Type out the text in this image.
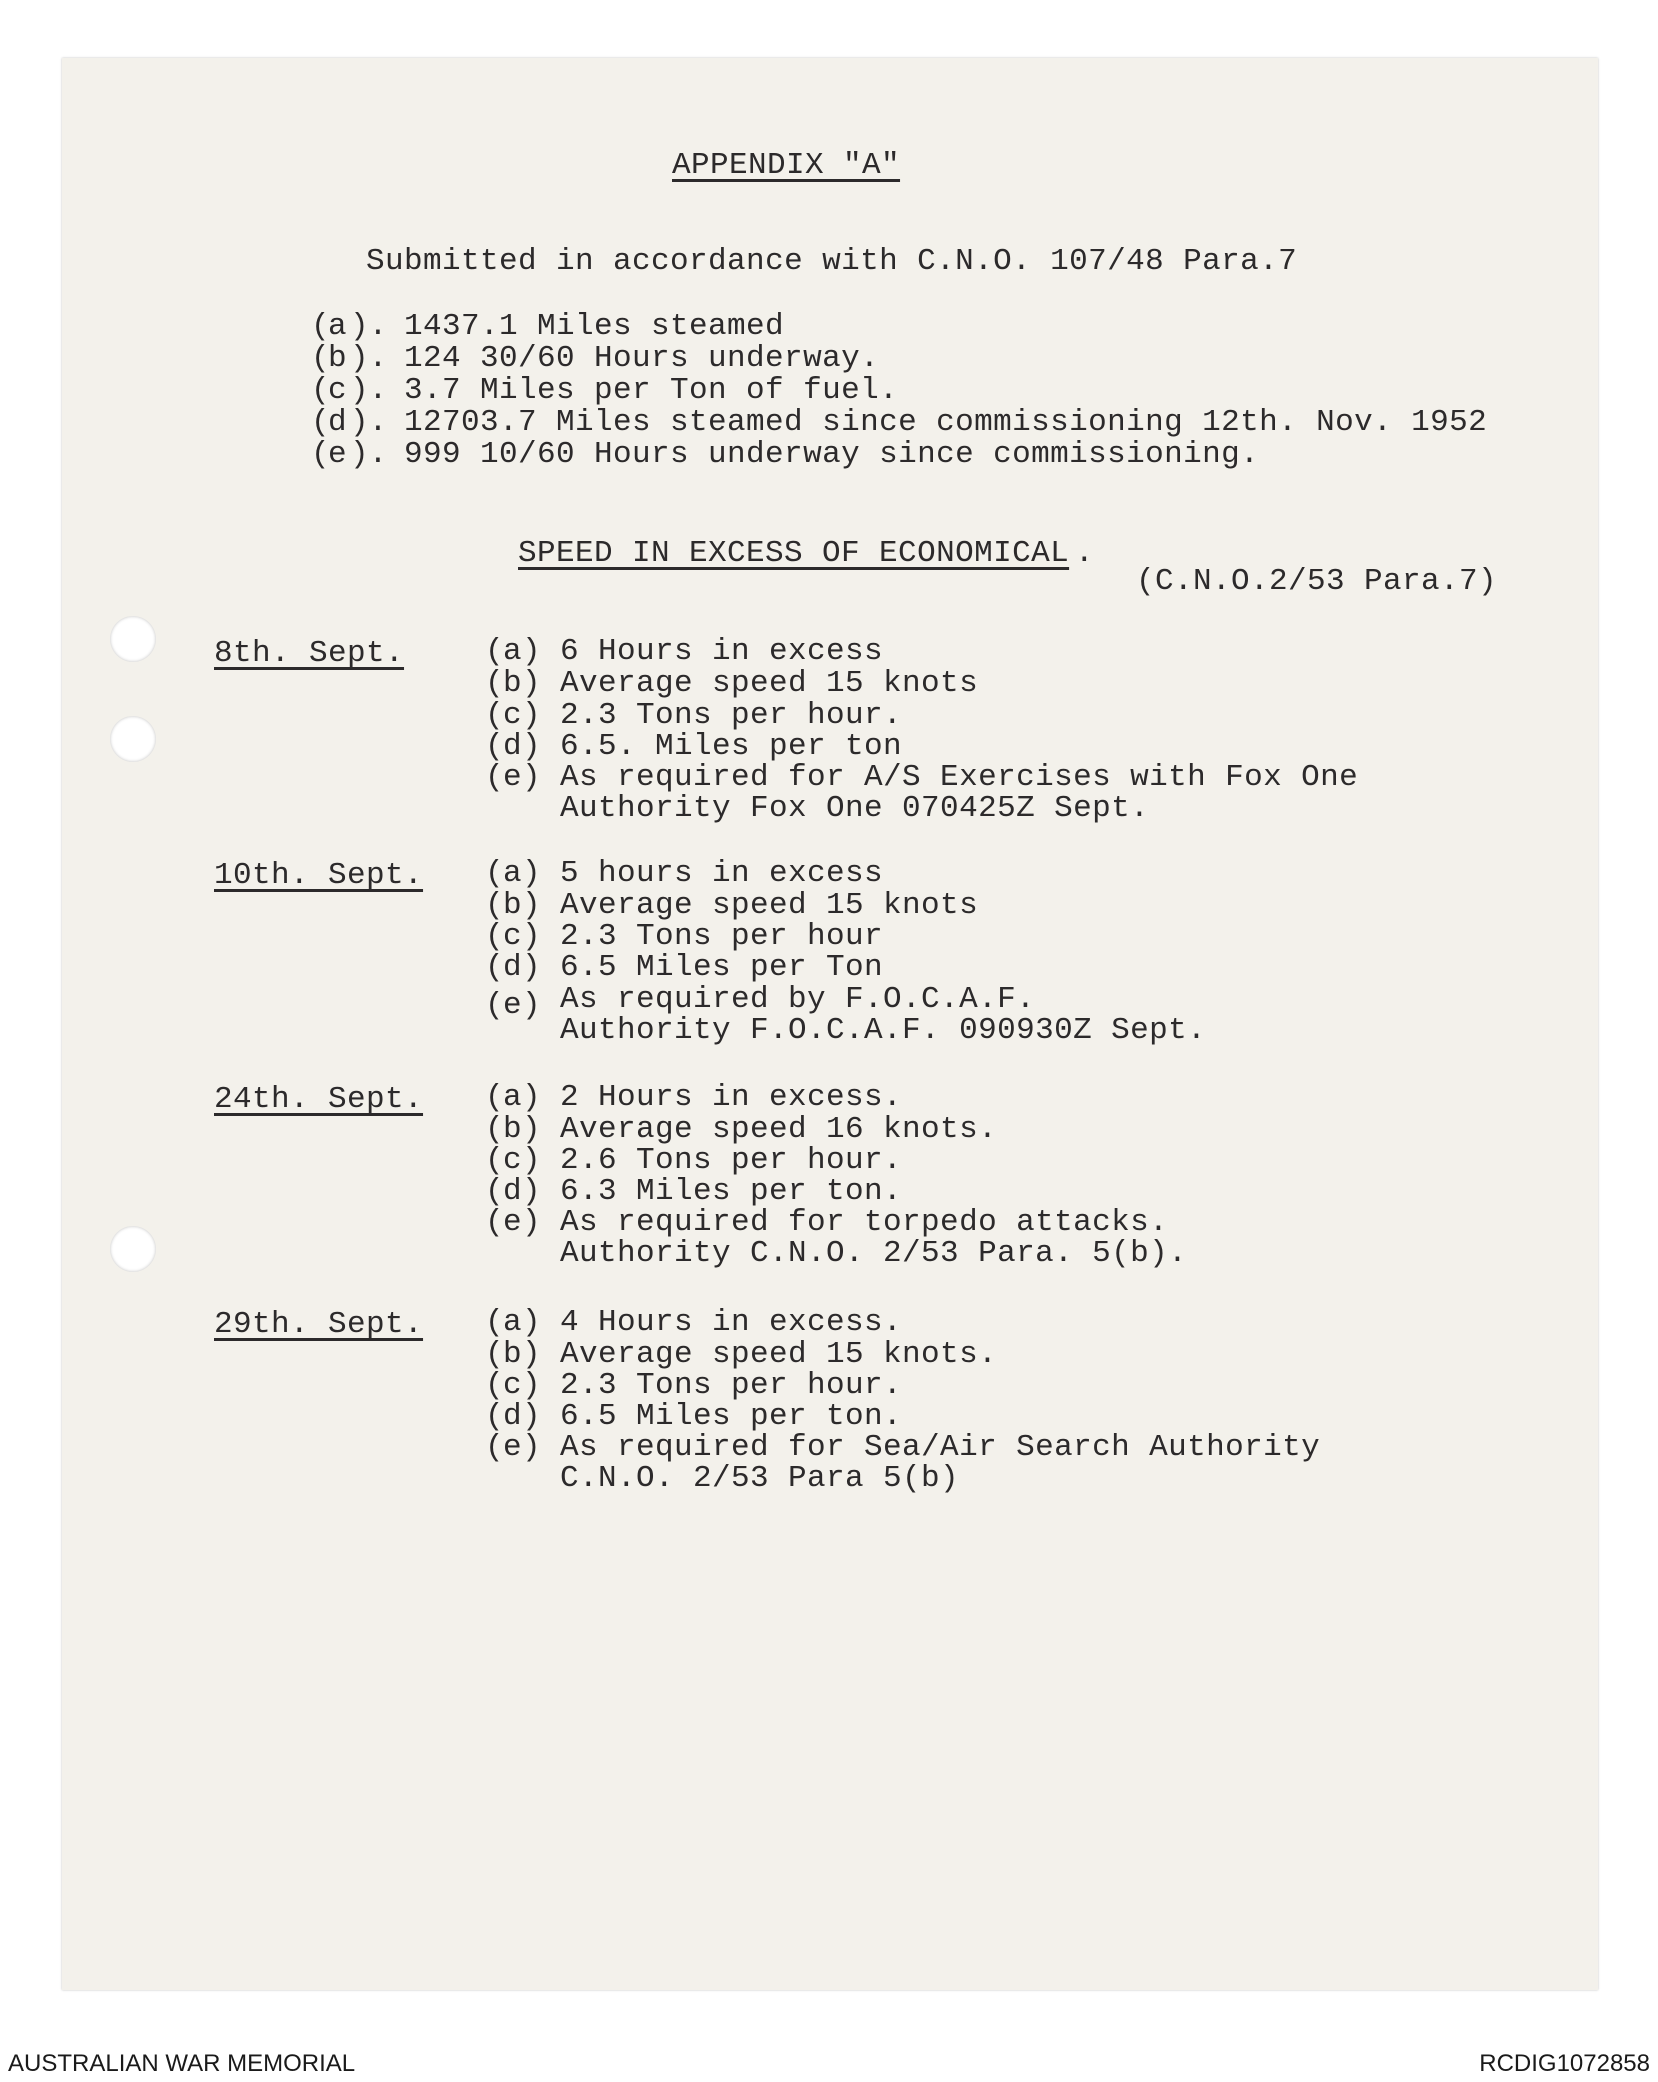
APPENDIX "A"
Submitted in accordance with C.N.O. 107/48 Para.7
a 1437.1 Miles steamed
b 124 30/60 Hours underway.
c 3.7 Miles per Ton of fuel.
d 12703.7 Miles steamed since commissioning 12th. Nov. 1952
e 999 10/60 Hours underway since commissioning.
( ).
( ).
( ).
( ).
( ).
SPEED IN EXCESS OF ECONOMICAL .
(C.N.O.2/53 Para.7)
8th. Sept.	( a ) 6 Hours in excess
( b ) Average speed 15 knots
( c ) 2.3 Tons per hour.
( d ) 6.5. Miles per ton
( e ) As required for A/S Exercises with Fox One
Authority Fox One 070425Z Sept.
10th. Sept. ( a ) 5 hours in excess
( b ) Average speed 15 knots
( c ) 2.3 Tons per hour
( d ) 6.5 Miles per Ton
( e ) As required by F.O.C.A.F.
Authority F.O.C.A.F. 090930Z Sept.
24th. Sept. ( a ) 2 Hours in excess.
( b ) Average speed 16 knots.
( c ) 2.6 Tons per hour.
( d ) 6.3 Miles per ton.
( e ) As required for torpedo attacks.
Authority C.N.O. 2/53 Para. 5(b).
29th. Sept. ( a ) 4 Hours in excess.
( b ) Average speed 15 knots.
( c ) 2.3 Tons per hour.
( d ) 6.5 Miles per ton.
( e ) As required for Sea/Air Search Authority
C.N.O. 2/53 Para 5(b)
AUSTRALIAN WAR MEMORIAL	RCDIG1072858
